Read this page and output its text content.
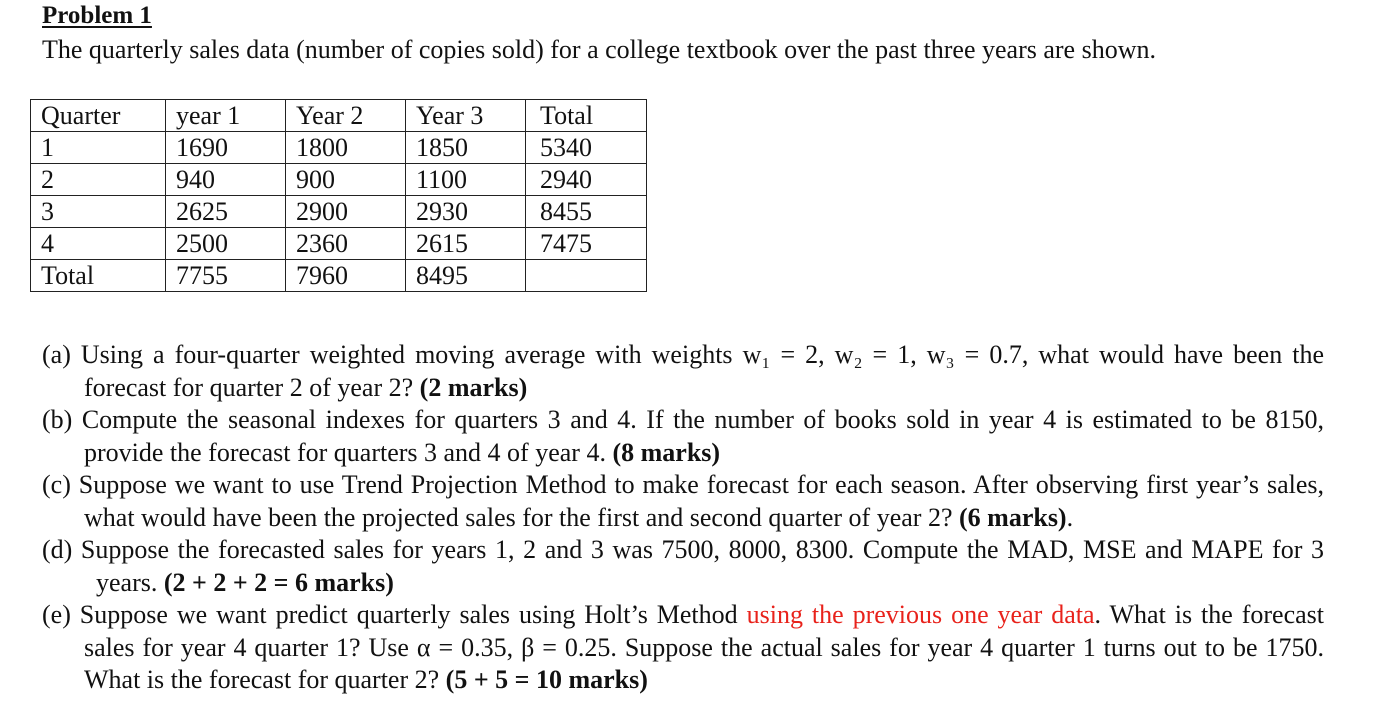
Problem 1
The quarterly sales data (number of copies sold) for a college textbook over the past three years are shown.
Quarter	year 1	Year 2	Year 3	Total
1	1690	1800	1850	5340
2	940	900	1100	2940
3	2625	2900	2930	8455
4	2500	2360	2615	7475
Total	7755	7960	8495	
(a) Using a four-quarter weighted moving average with weights w₁ = 2, w₂ = 1, w₃ = 0.7, what would have been the forecast for quarter 2 of year 2? (2 marks)
(b) Compute the seasonal indexes for quarters 3 and 4. If the number of books sold in year 4 is estimated to be 8150, provide the forecast for quarters 3 and 4 of year 4. (8 marks)
(c) Suppose we want to use Trend Projection Method to make forecast for each season. After observing first year’s sales, what would have been the projected sales for the first and second quarter of year 2? (6 marks).
(d) Suppose the forecasted sales for years 1, 2 and 3 was 7500, 8000, 8300. Compute the MAD, MSE and MAPE for 3 years. (2 + 2 + 2 = 6 marks)
(e) Suppose we want predict quarterly sales using Holt’s Method using the previous one year data. What is the forecast sales for year 4 quarter 1? Use α = 0.35, β = 0.25. Suppose the actual sales for year 4 quarter 1 turns out to be 1750. What is the forecast for quarter 2? (5 + 5 = 10 marks)
